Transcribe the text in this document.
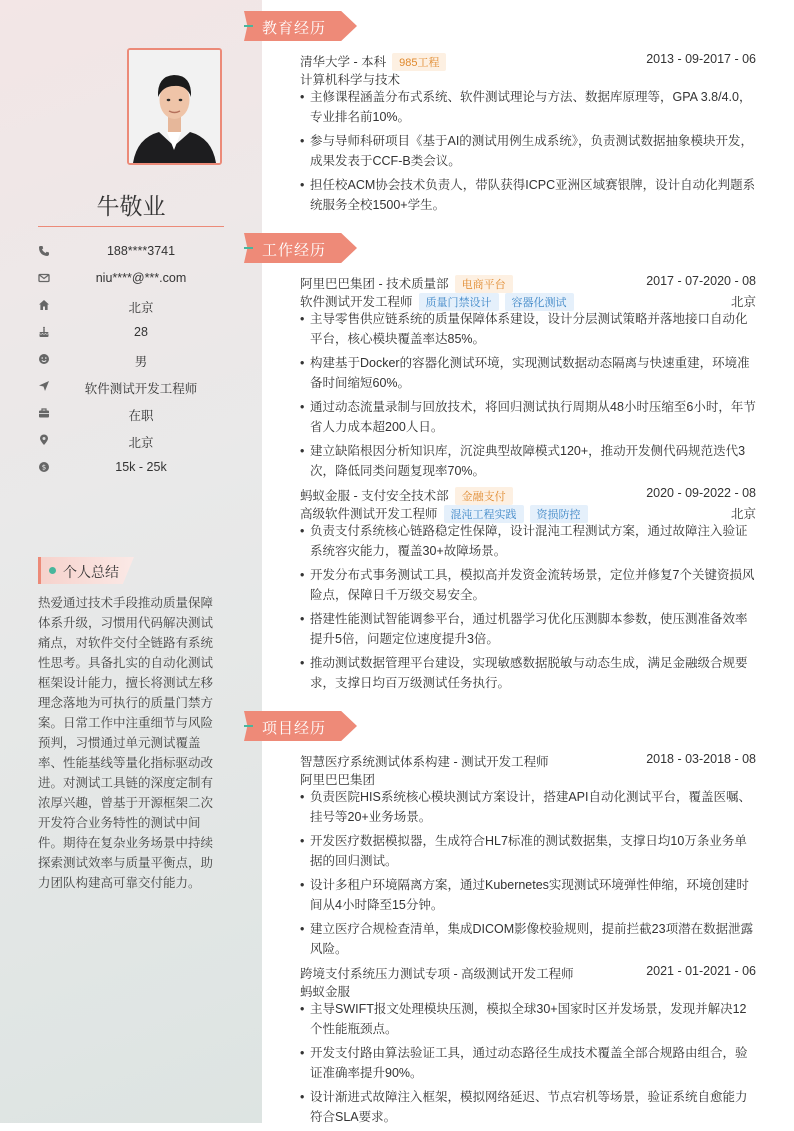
牛敬业
188****3741
niu****@***.com
北京
28
男
软件测试开发工程师
在职
北京
$	15k - 25k
个人总结
热爱通过技术手段推动质量保障体系升级，习惯用代码解决测试痛点，对软件交付全链路有系统性思考。具备扎实的自动化测试框架设计能力，擅长将测试左移理念落地为可执行的质量门禁方案。日常工作中注重细节与风险预判，习惯通过单元测试覆盖率、性能基线等量化指标驱动改进。对测试工具链的深度定制有浓厚兴趣，曾基于开源框架二次开发符合业务特性的测试中间件。期待在复杂业务场景中持续探索测试效率与质量平衡点，助力团队构建高可靠交付能力。
教育经历
清华大学 - 本科 985工程	2013 - 09-2017 - 06
计算机科学与技术
• 主修课程涵盖分布式系统、软件测试理论与方法、数据库原理等，GPA 3.8/4.0，专业排名前10%。
• 参与导师科研项目《基于AI的测试用例生成系统》，负责测试数据抽象模块开发，成果发表于CCF-B类会议。
• 担任校ACM协会技术负责人，带队获得ICPC亚洲区域赛银牌，设计自动化判题系统服务全校1500+学生。
工作经历
阿里巴巴集团 - 技术质量部 电商平台	2017 - 07-2020 - 08
软件测试开发工程师 质量门禁设计 容器化测试	北京
• 主导零售供应链系统的质量保障体系建设，设计分层测试策略并落地接口自动化平台，核心模块覆盖率达85%。
• 构建基于Docker的容器化测试环境，实现测试数据动态隔离与快速重建，环境准备时间缩短60%。
• 通过动态流量录制与回放技术，将回归测试执行周期从48小时压缩至6小时，年节省人力成本超200人日。
• 建立缺陷根因分析知识库，沉淀典型故障模式120+，推动开发侧代码规范迭代3次，降低同类问题复现率70%。
蚂蚁金服 - 支付安全技术部 金融支付	2020 - 09-2022 - 08
高级软件测试开发工程师 混沌工程实践 资损防控	北京
• 负责支付系统核心链路稳定性保障，设计混沌工程测试方案，通过故障注入验证系统容灾能力，覆盖30+故障场景。
• 开发分布式事务测试工具，模拟高并发资金流转场景，定位并修复7个关键资损风险点，保障日千万级交易安全。
• 搭建性能测试智能调参平台，通过机器学习优化压测脚本参数，使压测准备效率提升5倍，问题定位速度提升3倍。
• 推动测试数据管理平台建设，实现敏感数据脱敏与动态生成，满足金融级合规要求，支撑日均百万级测试任务执行。
项目经历
智慧医疗系统测试体系构建 - 测试开发工程师	2018 - 03-2018 - 08
阿里巴巴集团
• 负责医院HIS系统核心模块测试方案设计，搭建API自动化测试平台，覆盖医嘱、挂号等20+业务场景。
• 开发医疗数据模拟器，生成符合HL7标准的测试数据集，支撑日均10万条业务单据的回归测试。
• 设计多租户环境隔离方案，通过Kubernetes实现测试环境弹性伸缩，环境创建时间从4小时降至15分钟。
• 建立医疗合规检查清单，集成DICOM影像校验规则，提前拦截23项潜在数据泄露风险。
跨境支付系统压力测试专项 - 高级测试开发工程师	2021 - 01-2021 - 06
蚂蚁金服
• 主导SWIFT报文处理模块压测，模拟全球30+国家时区并发场景，发现并解决12个性能瓶颈点。
• 开发支付路由算法验证工具，通过动态路径生成技术覆盖全部合规路由组合，验证准确率提升90%。
• 设计渐进式故障注入框架，模拟网络延迟、节点宕机等场景，验证系统自愈能力符合SLA要求。
